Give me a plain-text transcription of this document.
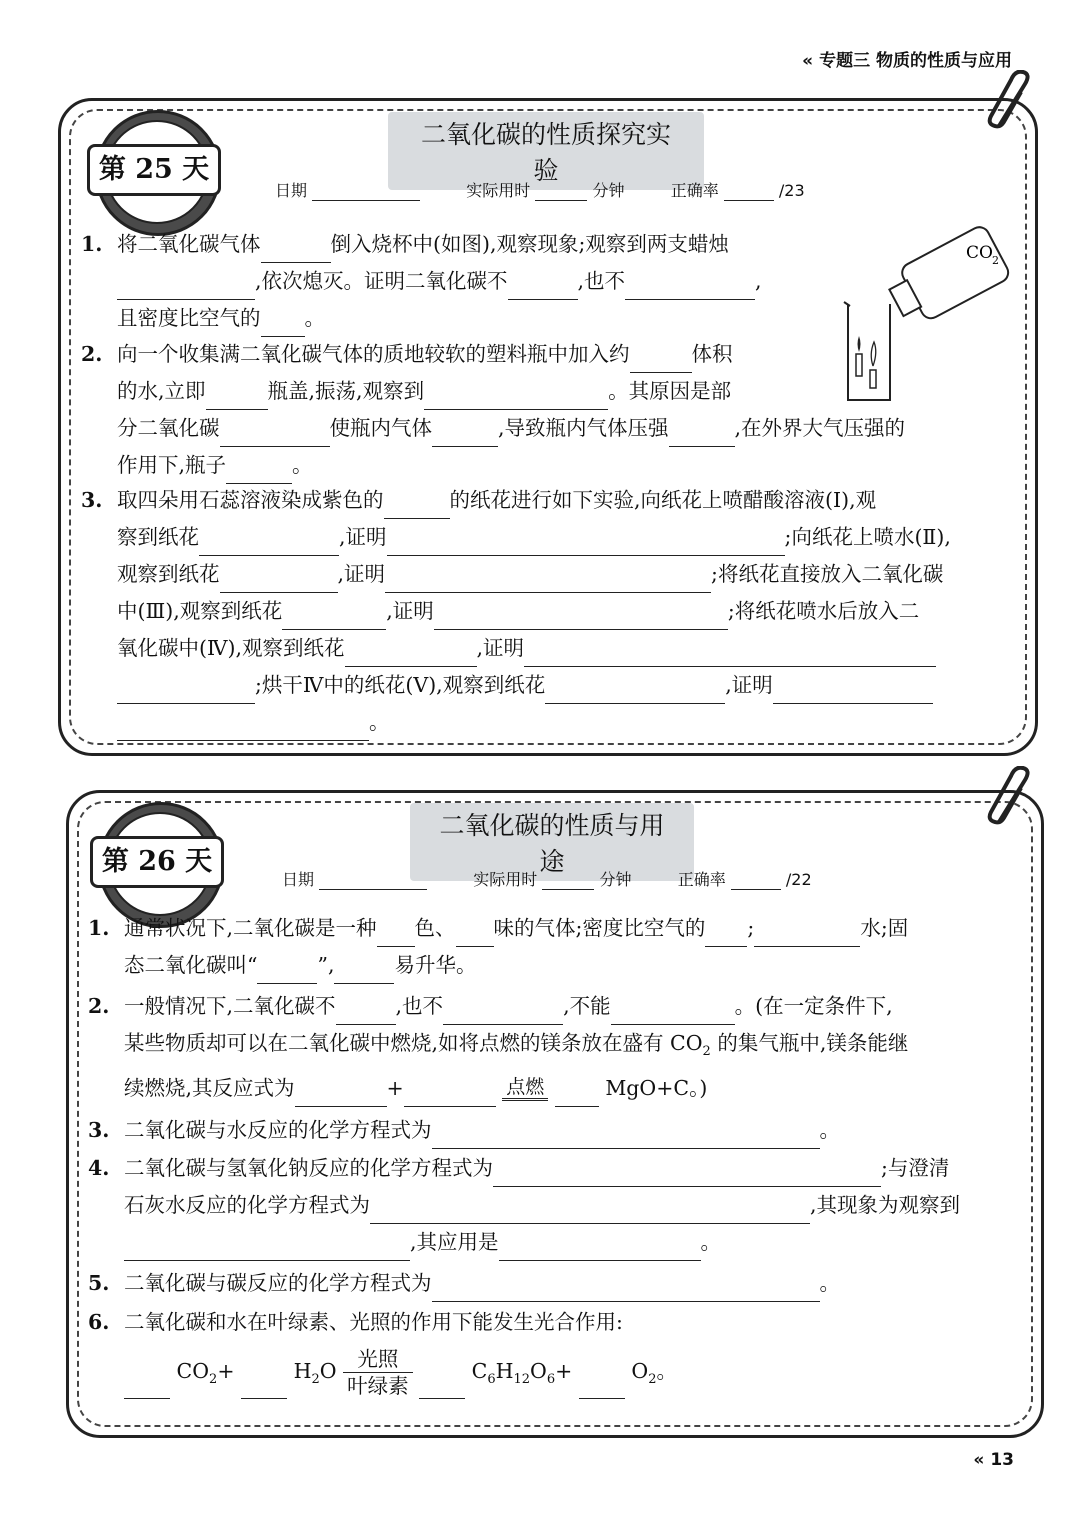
« 专题三 物质的性质与应用
二氧化碳的性质探究实验
第 25 天
日期	实际用时	分钟	正确率	/23
CO 2
1. 将二氧化碳气体	倒入烧杯中(如图),观察现象;观察到两支蜡烛
,依次熄灭。证明二氧化碳不	,也不	,
且密度比空气的 。
2. 向一个收集满二氧化碳气体的质地较软的塑料瓶中加入约	体积
的水,立即	瓶盖,振荡,观察到	。其原因是部
分二氧化碳	使瓶内气体	,导致瓶内气体压强	,在外界大气压强的
作用下,瓶子	。
3. 取四朵用石蕊溶液染成紫色的	的纸花进行如下实验,向纸花上喷醋酸溶液(Ⅰ),观
察到纸花	,证明	;向纸花上喷水(Ⅱ),
观察到纸花	,证明	;将纸花直接放入二氧化碳
中(Ⅲ),观察到纸花	,证明	;将纸花喷水后放入二
氧化碳中(Ⅳ),观察到纸花	,证明
;烘干Ⅳ中的纸花(Ⅴ),观察到纸花	,证明
。
二氧化碳的性质与用途
第 26 天
日期	实际用时	分钟	正确率	/22
1. 通常状况下,二氧化碳是一种 色、 味的气体;密度比空气的 ;	水;固
态二氧化碳叫“	”,	易升华。
2. 一般情况下,二氧化碳不	,也不	,不能	。(在一定条件下,
某些物质却可以在二氧化碳中燃烧,如将点燃的镁条放在盛有 $CO_2$ 的集气瓶中,镁条能继
续燃烧,其反应式为	+	点燃	MgO+C。)
3. 二氧化碳与水反应的化学方程式为	。
4. 二氧化碳与氢氧化钠反应的化学方程式为	;与澄清
石灰水反应的化学方程式为	,其现象为观察到
,其应用是	。
5. 二氧化碳与碳反应的化学方程式为	。
6. 二氧化碳和水在叶绿素、光照的作用下能发生光合作用:
$CO_2+$	$H_2O \frac{\text{光照}}{\text{叶绿素}}$	$C_6H_{12}O_6+$	$O_2$。
« 13
